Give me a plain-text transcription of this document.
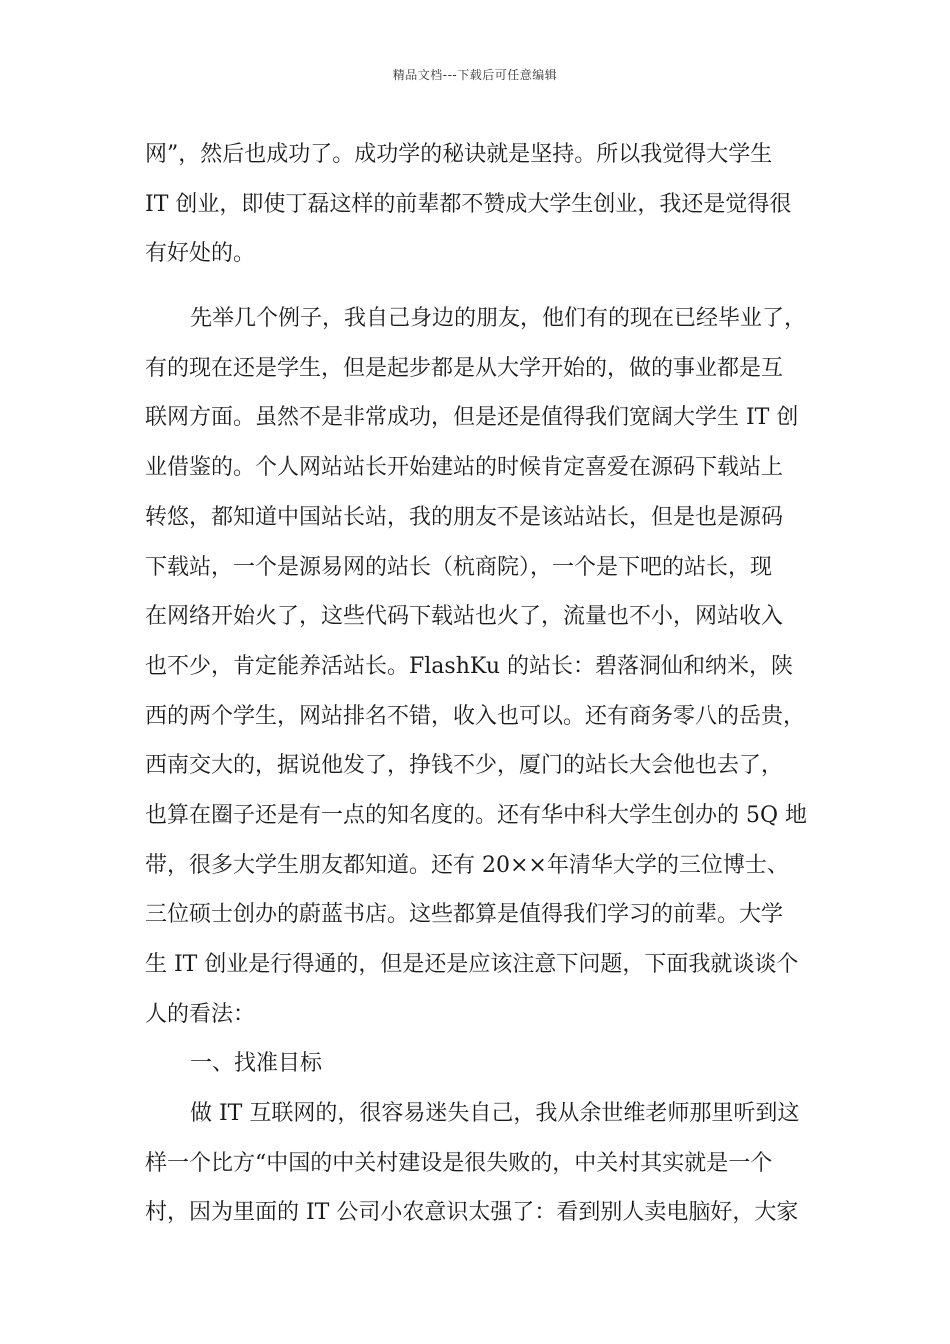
精品文档---下载后可任意编辑
网”，然后也成功了。成功学的秘诀就是坚持。所以我觉得大学生
IT 创业，即使丁磊这样的前辈都不赞成大学生创业，我还是觉得很
有好处的。
先举几个例子，我自己身边的朋友，他们有的现在已经毕业了，
有的现在还是学生，但是起步都是从大学开始的，做的事业都是互
联网方面。虽然不是非常成功，但是还是值得我们宽阔大学生 IT 创
业借鉴的。个人网站站长开始建站的时候肯定喜爱在源码下载站上
转悠，都知道中国站长站，我的朋友不是该站站长，但是也是源码
下载站，一个是源易网的站长（杭商院），一个是下吧的站长，现
在网络开始火了，这些代码下载站也火了，流量也不小，网站收入
也不少，肯定能养活站长。FlashKu 的站长：碧落洞仙和纳米，陕
西的两个学生，网站排名不错，收入也可以。还有商务零八的岳贵，
西南交大的，据说他发了，挣钱不少，厦门的站长大会他也去了，
也算在圈子还是有一点的知名度的。还有华中科大学生创办的 5Q 地
带，很多大学生朋友都知道。还有 20××年清华大学的三位博士、
三位硕士创办的蔚蓝书店。这些都算是值得我们学习的前辈。大学
生 IT 创业是行得通的，但是还是应该注意下问题，下面我就谈谈个
人的看法：
一、找准目标
做 IT 互联网的，很容易迷失自己，我从余世维老师那里听到这
样一个比方“中国的中关村建设是很失败的，中关村其实就是一个
村，因为里面的 IT 公司小农意识太强了：看到别人卖电脑好，大家
